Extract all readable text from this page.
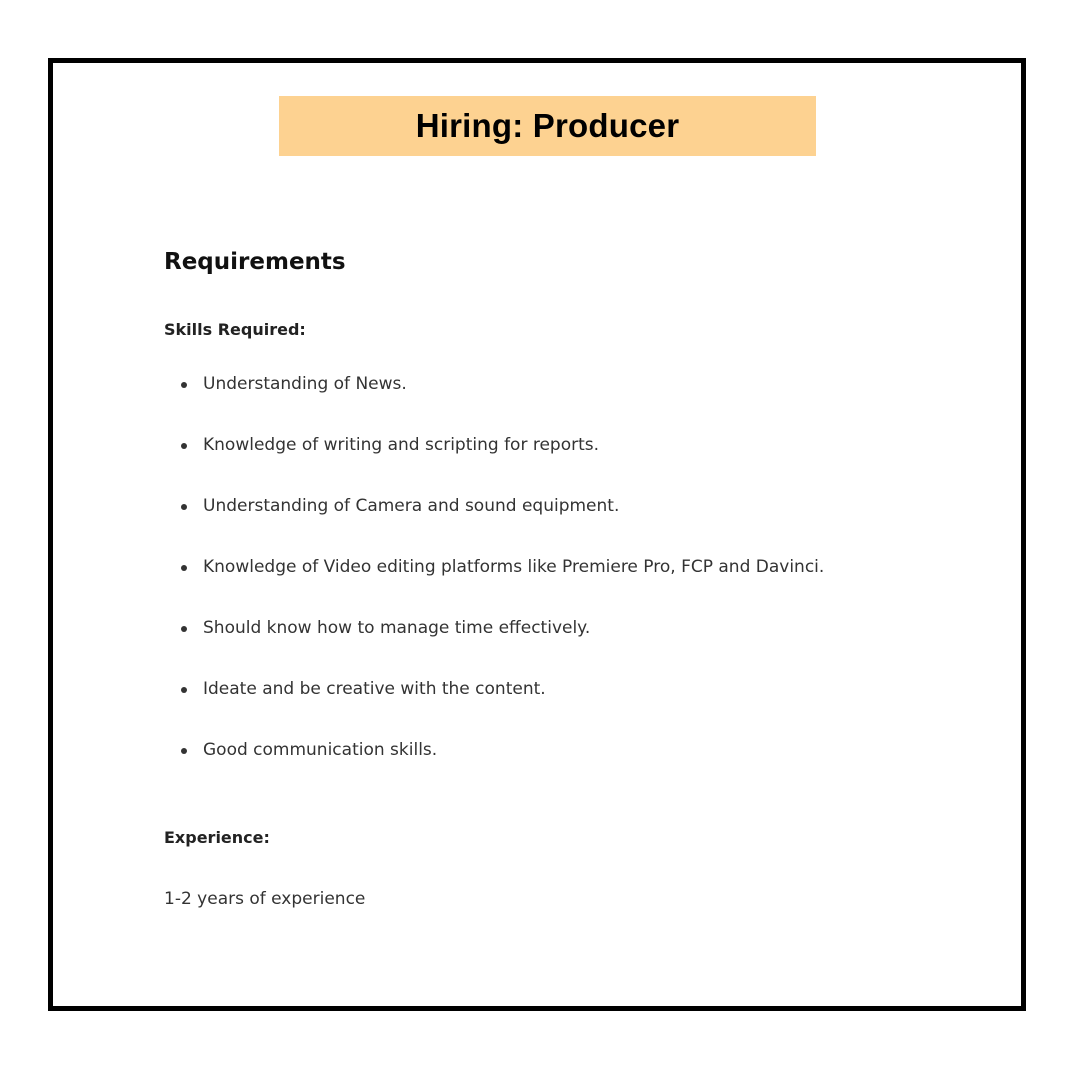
Hiring: Producer
Requirements
Skills Required:
Understanding of News.
Knowledge of writing and scripting for reports.
Understanding of Camera and sound equipment.
Knowledge of Video editing platforms like Premiere Pro, FCP and Davinci.
Should know how to manage time effectively.
Ideate and be creative with the content.
Good communication skills.
Experience:

1-2 years of experience
